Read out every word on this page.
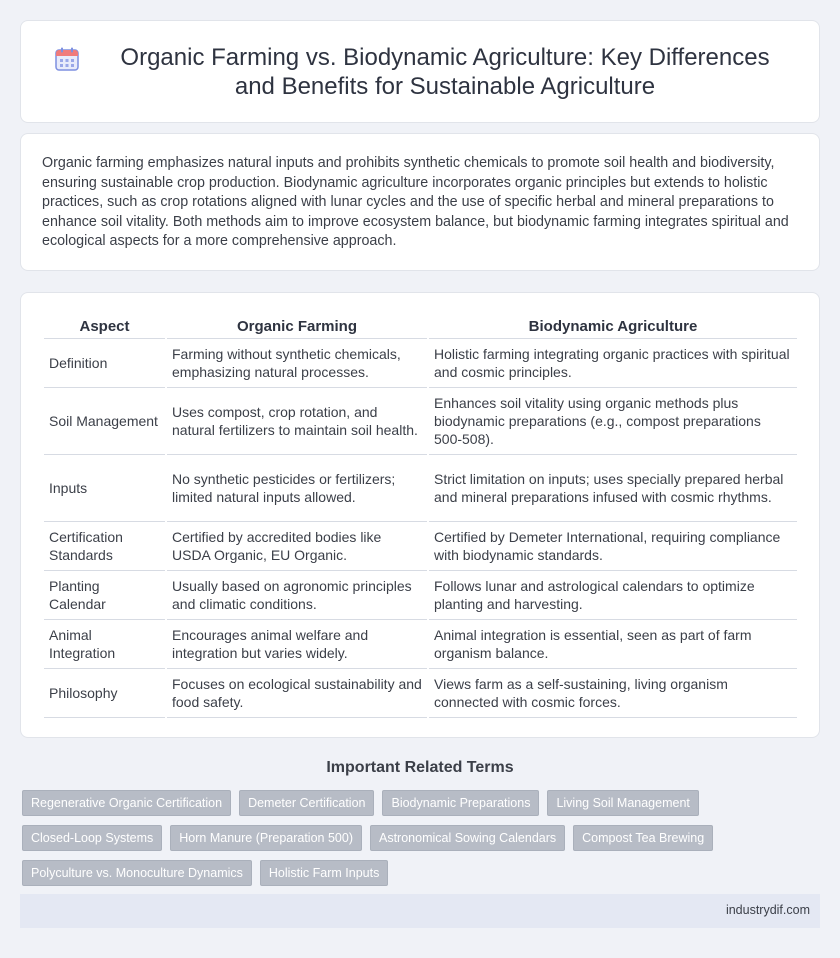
Organic Farming vs. Biodynamic Agriculture: Key Differences and Benefits for Sustainable Agriculture

Organic farming emphasizes natural inputs and prohibits synthetic chemicals to promote soil health and biodiversity, ensuring sustainable crop production. Biodynamic agriculture incorporates organic principles but extends to holistic practices, such as crop rotations aligned with lunar cycles and the use of specific herbal and mineral preparations to enhance soil vitality. Both methods aim to improve ecosystem balance, but biodynamic farming integrates spiritual and ecological aspects for a more comprehensive approach.

Aspect	Organic Farming	Biodynamic Agriculture
Definition	Farming without synthetic chemicals, emphasizing natural processes.	Holistic farming integrating organic practices with spiritual and cosmic principles.
Soil Management	Uses compost, crop rotation, and natural fertilizers to maintain soil health.	Enhances soil vitality using organic methods plus biodynamic preparations (e.g., compost preparations 500-508).
Inputs	No synthetic pesticides or fertilizers; limited natural inputs allowed.	Strict limitation on inputs; uses specially prepared herbal and mineral preparations infused with cosmic rhythms.
Certification Standards	Certified by accredited bodies like USDA Organic, EU Organic.	Certified by Demeter International, requiring compliance with biodynamic standards.
Planting Calendar	Usually based on agronomic principles and climatic conditions.	Follows lunar and astrological calendars to optimize planting and harvesting.
Animal Integration	Encourages animal welfare and integration but varies widely.	Animal integration is essential, seen as part of farm organism balance.
Philosophy	Focuses on ecological sustainability and food safety.	Views farm as a self-sustaining, living organism connected with cosmic forces.
Important Related Terms
Regenerative Organic Certification	Demeter Certification	Biodynamic Preparations	Living Soil Management
Closed-Loop Systems	Horn Manure (Preparation 500)	Astronomical Sowing Calendars	Compost Tea Brewing
Polyculture vs. Monoculture Dynamics	Holistic Farm Inputs
industrydif.com
